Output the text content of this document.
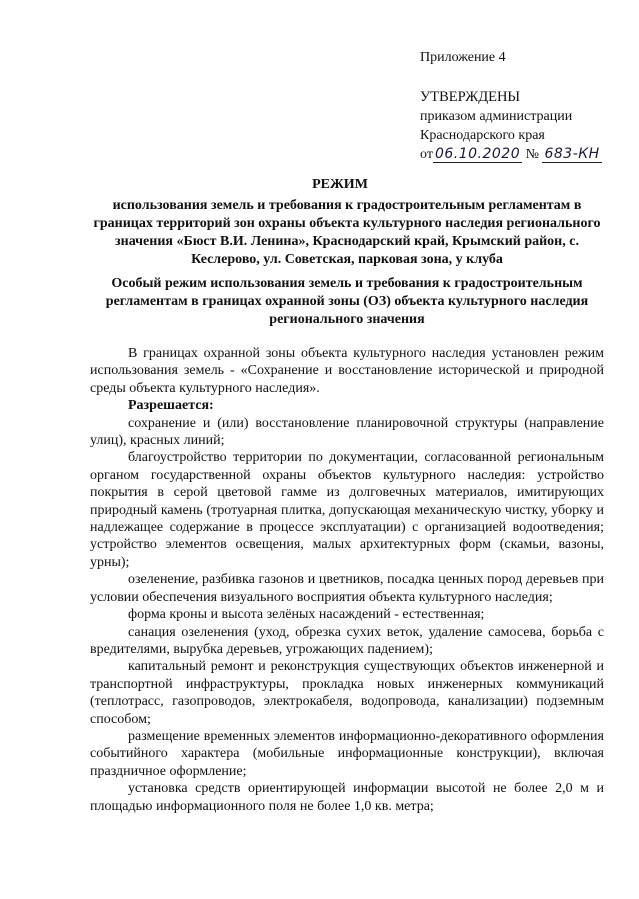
Приложение 4
УТВЕРЖДЕНЫ
приказом администрации
Краснодарского края
от 06.10.2020 № 683-КН
РЕЖИМ
использования земель и требования к градостроительным регламентам в границах территорий зон охраны объекта культурного наследия регионального значения «Бюст В.И. Ленина», Краснодарский край, Крымский район, с. Кеслерово, ул. Советская, парковая зона, у клуба
Особый режим использования земель и требования к градостроительным регламентам в границах охранной зоны (ОЗ) объекта культурного наследия регионального значения

В границах охранной зоны объекта культурного наследия установлен режим использования земель - «Сохранение и восстановление исторической и природной среды объекта культурного наследия».

Разрешается:

сохранение и (или) восстановление планировочной структуры (направление улиц), красных линий;

благоустройство территории по документации, согласованной региональным органом государственной охраны объектов культурного наследия: устройство покрытия в серой цветовой гамме из долговечных материалов, имитирующих природный камень (тротуарная плитка, допускающая механическую чистку, уборку и надлежащее содержание в процессе эксплуатации) с организацией водоотведения; устройство элементов освещения, малых архитектурных форм (скамьи, вазоны, урны);

озеленение, разбивка газонов и цветников, посадка ценных пород деревьев при условии обеспечения визуального восприятия объекта культурного наследия;

форма кроны и высота зелёных насаждений - естественная;

санация озеленения (уход, обрезка сухих веток, удаление самосева, борьба с вредителями, вырубка деревьев, угрожающих падением);

капитальный ремонт и реконструкция существующих объектов инженерной и транспортной инфраструктуры, прокладка новых инженерных коммуникаций (теплотрасс, газопроводов, электрокабеля, водопровода, канализации) подземным способом;

размещение временных элементов информационно-декоративного оформления событийного характера (мобильные информационные конструкции), включая праздничное оформление;

установка средств ориентирующей информации высотой не более 2,0 м и площадью информационного поля не более 1,0 кв. метра;
